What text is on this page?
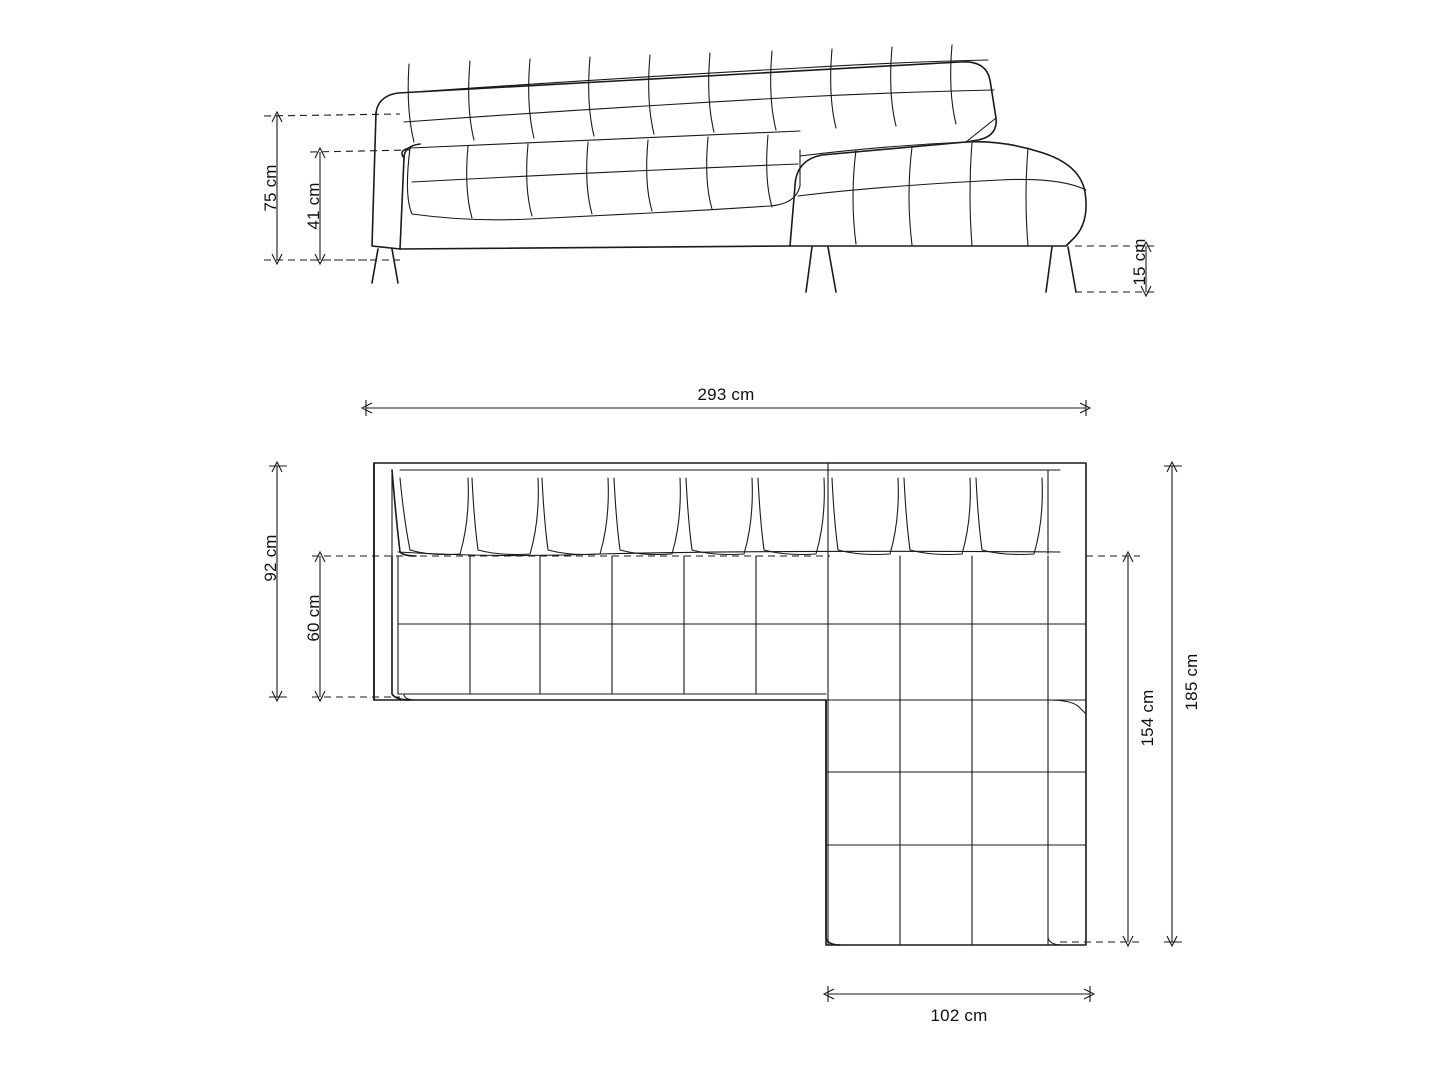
75 cm 41 cm
15 cm
293 cm
92 cm
60 cm
185 cm
154 cm
102 cm
